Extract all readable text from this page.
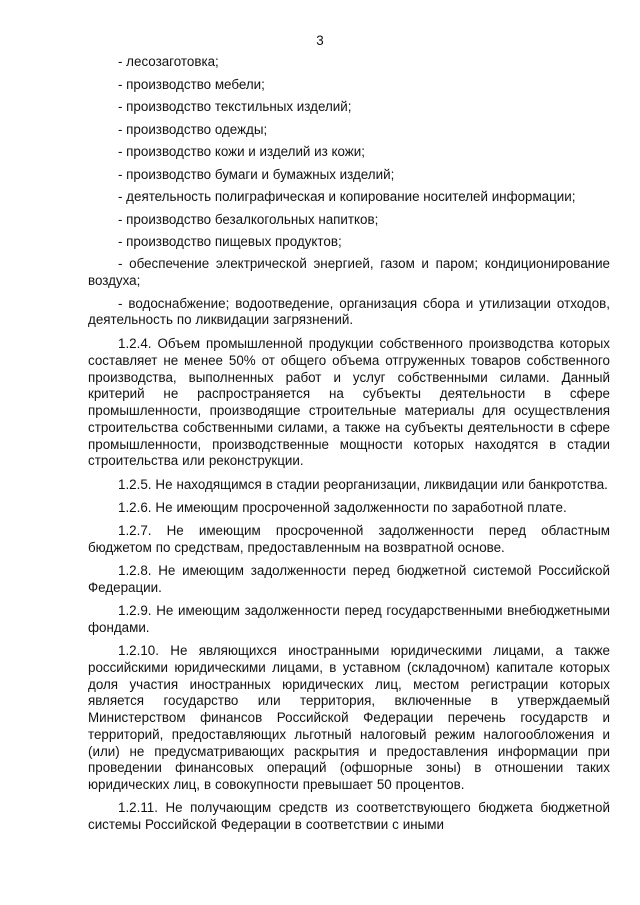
3
- лесозаготовка;
- производство мебели;
- производство текстильных изделий;
- производство одежды;
- производство кожи и изделий из кожи;
- производство бумаги и бумажных изделий;
- деятельность полиграфическая и копирование носителей информации;
- производство безалкогольных напитков;
- производство пищевых продуктов;

- обеспечение электрической энергией, газом и паром; кондиционирование воздуха;

- водоснабжение; водоотведение, организация сбора и утилизации отходов, деятельность по ликвидации загрязнений.

1.2.4. Объем промышленной продукции собственного производства которых составляет не менее 50% от общего объема отгруженных товаров собственного производства, выполненных работ и услуг собственными силами. Данный критерий не распространяется на субъекты деятельности в сфере промышленности, производящие строительные материалы для осуществления строительства собственными силами, а также на субъекты деятельности в сфере промышленности, производственные мощности которых находятся в стадии строительства или реконструкции.

1.2.5. Не находящимся в стадии реорганизации, ликвидации или банкротства.

1.2.6. Не имеющим просроченной задолженности по заработной плате.

1.2.7. Не имеющим просроченной задолженности перед областным бюджетом по средствам, предоставленным на возвратной основе.

1.2.8. Не имеющим задолженности перед бюджетной системой Российской Федерации.

1.2.9. Не имеющим задолженности перед государственными внебюджетными фондами.

1.2.10. Не являющихся иностранными юридическими лицами, а также российскими юридическими лицами, в уставном (складочном) капитале которых доля участия иностранных юридических лиц, местом регистрации которых является государство или территория, включенные в утверждаемый Министерством финансов Российской Федерации перечень государств и территорий, предоставляющих льготный налоговый режим налогообложения и (или) не предусматривающих раскрытия и предоставления информации при проведении финансовых операций (офшорные зоны) в отношении таких юридических лиц, в совокупности превышает 50 процентов.

1.2.11. Не получающим средств из соответствующего бюджета бюджетной системы Российской Федерации в соответствии с иными
